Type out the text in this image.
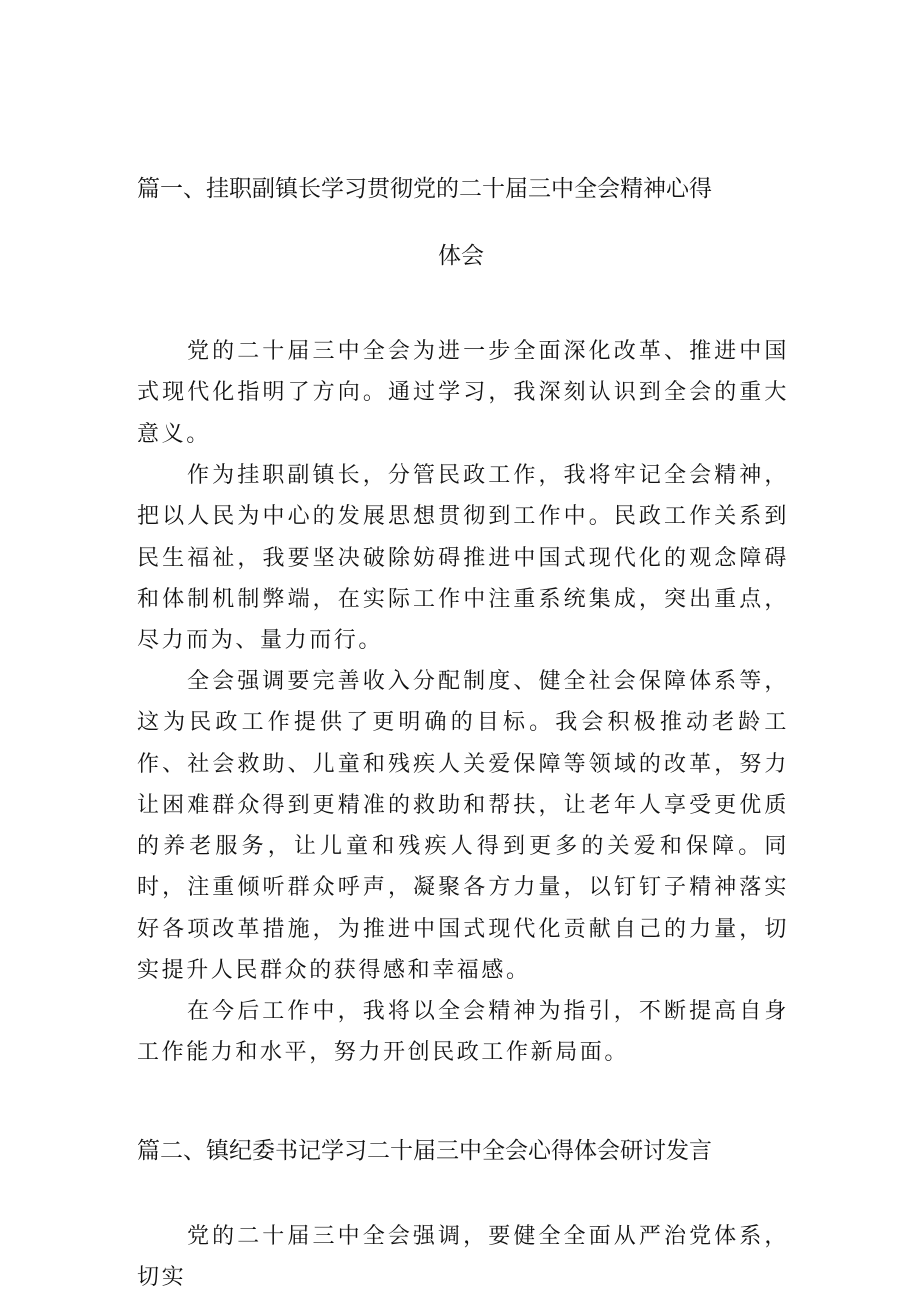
篇一、挂职副镇长学习贯彻党的二十届三中全会精神心得
体会

党的二十届三中全会为进一步全面深化改革、推进中国式现代化指明了方向。通过学习，我深刻认识到全会的重大意义。

作为挂职副镇长，分管民政工作，我将牢记全会精神，把以人民为中心的发展思想贯彻到工作中。民政工作关系到民生福祉，我要坚决破除妨碍推进中国式现代化的观念障碍和体制机制弊端，在实际工作中注重系统集成，突出重点，尽力而为、量力而行。

全会强调要完善收入分配制度、健全社会保障体系等，这为民政工作提供了更明确的目标。我会积极推动老龄工作、社会救助、儿童和残疾人关爱保障等领域的改革，努力让困难群众得到更精准的救助和帮扶，让老年人享受更优质的养老服务，让儿童和残疾人得到更多的关爱和保障。同时，注重倾听群众呼声，凝聚各方力量，以钉钉子精神落实好各项改革措施，为推进中国式现代化贡献自己的力量，切实提升人民群众的获得感和幸福感。

在今后工作中，我将以全会精神为指引，不断提高自身工作能力和水平，努力开创民政工作新局面。

篇二、镇纪委书记学习二十届三中全会心得体会研讨发言

党的二十届三中全会强调，要健全全面从严治党体系，切实
